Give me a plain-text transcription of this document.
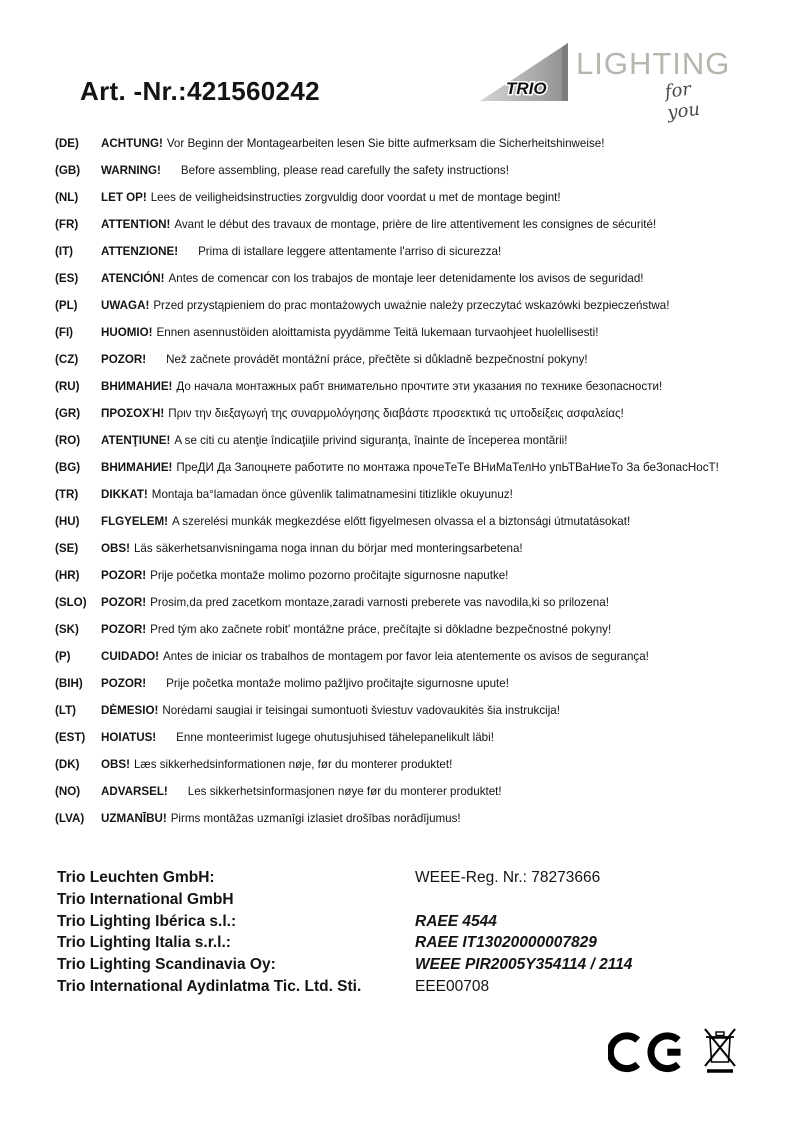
Art. -Nr.:421560242	TRIO
LIGHTING
for you
(DE)	ACHTUNG! Vor Beginn der Montagearbeiten lesen Sie bitte aufmerksam die Sicherheitshinweise!
(GB)	WARNING! Before assembling, please read carefully the safety instructions!
(NL)	LET OP! Lees de veiligheidsinstructies zorgvuldig door voordat u met de montage begint!
(FR)	ATTENTION! Avant le début des travaux de montage, prière de lire attentivement les consignes de sécurité!
(IT)	ATTENZIONE! Prima di istallare leggere attentamente l'arriso di sicurezza!
(ES)	ATENCIÓN! Antes de comencar con los trabajos de montaje leer detenidamente los avisos de seguridad!
(PL)	UWAGA! Przed przystąpieniem do prac montażowych uważnie należy przeczytać wskazówki bezpieczeństwa!
(FI)	HUOMIO! Ennen asennustöiden aloittamista pyydämme Teitä lukemaan turvaohjeet huolellisesti!
(CZ)	POZOR! Než začnete provádět montážní práce, přečtěte si důkladně bezpečnostní pokyny!
(RU)	ВНИМАНИЕ! До начала монтажных рабт внимательно прочтите эти указания по технике безопасности!
(GR)	ΠΡΟΣΟΧΉ! Πριν την διεξαγωγή της συναρμολόγησης διαβάστε προσεκτικά τις υποδείξεις ασφαλείας!
(RO)	ATENŢIUNE! A se citi cu atenţie îndicaţiile privind siguranţa, înainte de începerea montării!
(BG)	ВНИМАНИЕ! ПреДИ Да Запоцнете работите по монтажа прочеТеТе ВНиМаТелНо упЬТВаНиеТо За беЗопасНосТ!
(TR)	DIKKAT! Montaja ba°lamadan önce güvenlik talimatnamesini titizlikle okuyunuz!
(HU)	FLGYELEM! A szerelési munkák megkezdése előtt figyelmesen olvassa el a biztonsági útmutatásokat!
(SE)	OBS! Läs säkerhetsanvisningama noga innan du börjar med monteringsarbetena!
(HR)	POZOR! Prije početka montaže molimo pozorno pročitajte sigurnosne naputke!
(SLO)	POZOR! Prosim,da pred zacetkom montaze,zaradi varnosti preberete vas navodila,ki so prilozena!
(SK)	POZOR! Pred tým ako začnete robit' montážne práce, prečítajte si dôkladne bezpečnostné pokyny!
(P)	CUIDADO! Antes de iniciar os trabalhos de montagem por favor leia atentemente os avisos de segurança!
(BIH)	POZOR! Prije početka montaže molimo pažljivo pročitajte sigurnosne upute!
(LT)	DĖMESIO! Norėdami saugiai ir teisingai sumontuoti šviestuv vadovaukitės šia instrukcija!
(EST)	HOIATUS! Enne monteerimist lugege ohutusjuhised tähelepanelikult läbi!
(DK)	OBS! Læs sikkerhedsinformationen nøje, før du monterer produktet!
(NO)	ADVARSEL! Les sikkerhetsinformasjonen nøye før du monterer produktet!
(LVA)	UZMANĪBU! Pirms montāžas uzmanīgi izlasiet drošības norādījumus!
Trio Leuchten GmbH:	WEEE-Reg. Nr.: 78273666
Trio International GmbH
Trio Lighting Ibérica s.l.:	RAEE 4544
Trio Lighting Italia s.r.l.:	RAEE IT13020000007829
Trio Lighting Scandinavia Oy:	WEEE PIR2005Y354114 / 2114
Trio International Aydinlatma Tic. Ltd. Sti.	EEE00708
